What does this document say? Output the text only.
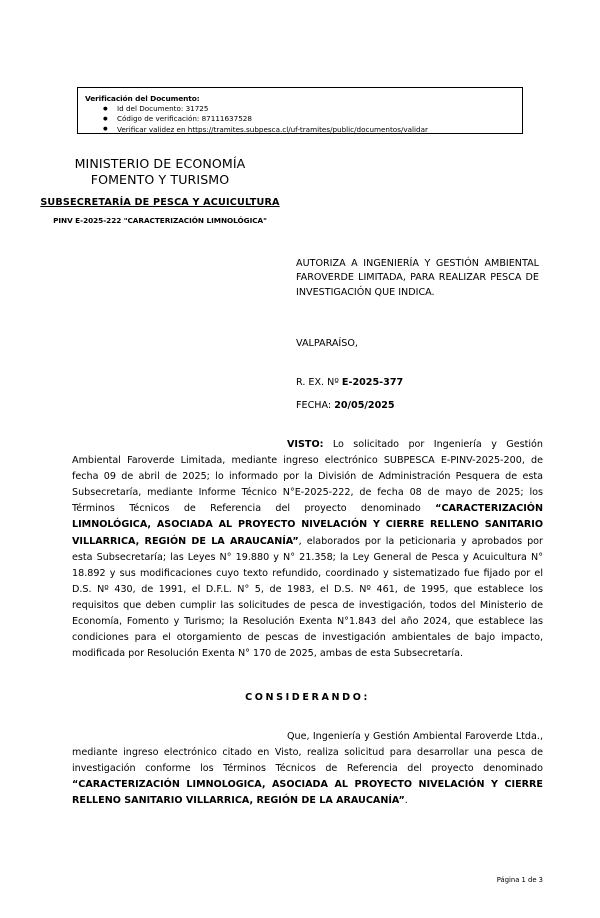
Verificación del Documento:
● Id del Documento: 31725
● Código de verificación: 87111637528
● Verificar validez en https://tramites.subpesca.cl/uf-tramites/public/documentos/validar
MINISTERIO DE ECONOMÍA
FOMENTO Y TURISMO
SUBSECRETARÍA DE PESCA Y ACUICULTURA
PINV E-2025-222 "CARACTERIZACIÓN LIMNOLÓGICA"
AUTORIZA A INGENIERÍA Y GESTIÓN AMBIENTAL FAROVERDE LIMITADA, PARA REALIZAR PESCA DE INVESTIGACIÓN QUE INDICA.
VALPARAÍSO,
R. EX. Nº E-2025-377
FECHA: 20/05/2025
VISTO: Lo solicitado por Ingeniería y Gestión Ambiental Faroverde Limitada, mediante ingreso electrónico SUBPESCA E-PINV-2025-200, de fecha 09 de abril de 2025; lo informado por la División de Administración Pesquera de esta Subsecretaría, mediante Informe Técnico N°E-2025-222, de fecha 08 de mayo de 2025; los Términos Técnicos de Referencia del proyecto denominado “CARACTERIZACIÓN LIMNOLÓGICA, ASOCIADA AL PROYECTO NIVELACIÓN Y CIERRE RELLENO SANITARIO VILLARRICA, REGIÓN DE LA ARAUCANÍA”, elaborados por la peticionaria y aprobados por esta Subsecretaría; las Leyes N° 19.880 y N° 21.358; la Ley General de Pesca y Acuicultura N° 18.892 y sus modificaciones cuyo texto refundido, coordinado y sistematizado fue fijado por el D.S. Nº 430, de 1991, el D.F.L. N° 5, de 1983, el D.S. Nº 461, de 1995, que establece los requisitos que deben cumplir las solicitudes de pesca de investigación, todos del Ministerio de Economía, Fomento y Turismo; la Resolución Exenta N°1.843 del año 2024, que establece las condiciones para el otorgamiento de pescas de investigación ambientales de bajo impacto, modificada por Resolución Exenta N° 170 de 2025, ambas de esta Subsecretaría.
CONSIDERANDO:
Que, Ingeniería y Gestión Ambiental Faroverde Ltda., mediante ingreso electrónico citado en Visto, realiza solicitud para desarrollar una pesca de investigación conforme los Términos Técnicos de Referencia del proyecto denominado “CARACTERIZACIÓN LIMNOLOGICA, ASOCIADA AL PROYECTO NIVELACIÓN Y CIERRE RELLENO SANITARIO VILLARRICA, REGIÓN DE LA ARAUCANÍA”.
Página 1 de 3
